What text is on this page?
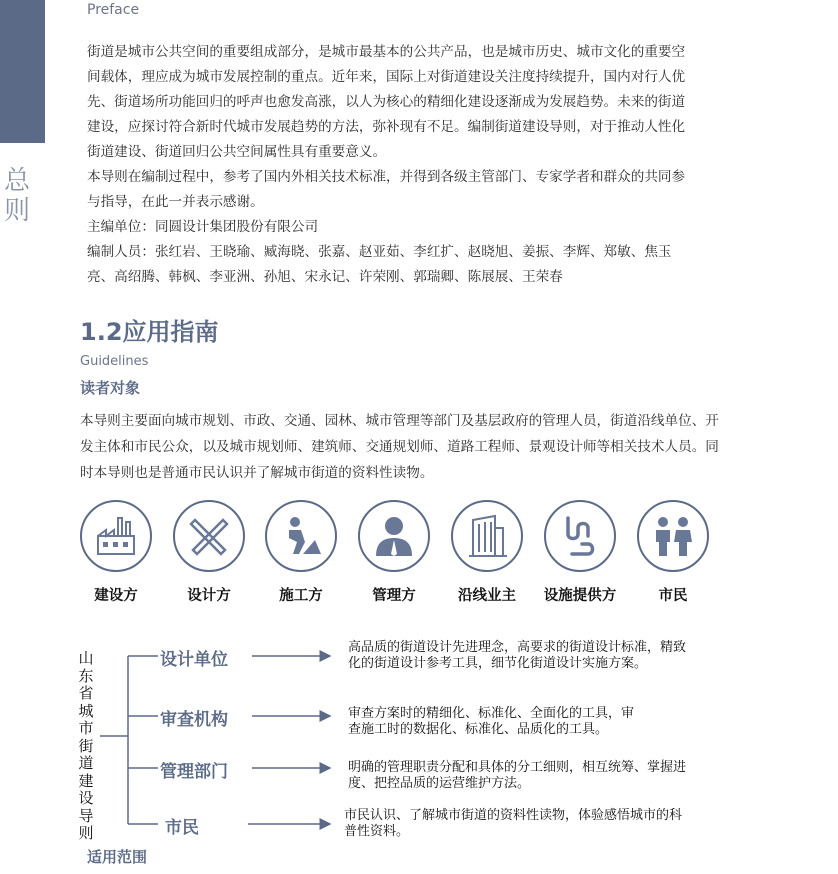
总
则
Preface

街道是城市公共空间的重要组成部分，是城市最基本的公共产品，也是城市历史、城市文化的重要空间载体，理应成为城市发展控制的重点。近年来，国际上对街道建设关注度持续提升，国内对行人优先、街道场所功能回归的呼声也愈发高涨，以人为核心的精细化建设逐渐成为发展趋势。未来的街道建设，应探讨符合新时代城市发展趋势的方法，弥补现有不足。编制街道建设导则，对于推动人性化街道建设、街道回归公共空间属性具有重要意义。

本导则在编制过程中，参考了国内外相关技术标准，并得到各级主管部门、专家学者和群众的共同参与指导，在此一并表示感谢。

主编单位：同圆设计集团股份有限公司

编制人员：张红岩、王晓瑜、臧海晓、张嘉、赵亚茹、李红扩、赵晓旭、姜振、李辉、郑敏、焦玉亮、高绍腾、韩枫、李亚洲、孙旭、宋永记、许荣刚、郭瑞卿、陈展展、王荣春

1.2应用指南
Guidelines
读者对象
本导则主要面向城市规划、市政、交通、园林、城市管理等部门及基层政府的管理人员，街道沿线单位、开发主体和市民公众，以及城市规划师、建筑师、交通规划师、道路工程师、景观设计师等相关技术人员。同时本导则也是普通市民认识并了解城市街道的资料性读物。
建设方	设计方	施工方	管理方	沿线业主	设施提供方	市民
山
东
省
城
市
街
道
建
设
导
则
设计单位
高品质的街道设计先进理念，高要求的街道设计标准，精致化的街道设计参考工具，细节化街道设计实施方案。
审查机构	审查方案时的精细化、标准化、全面化的工具，审查施工时的数据化、标准化、品质化的工具。
管理部门	明确的管理职责分配和具体的分工细则，相互统筹、掌握进度、把控品质的运营维护方法。
市民
市民认识、了解城市街道的资料性读物，体验感悟城市的科普性资料。
适用范围
